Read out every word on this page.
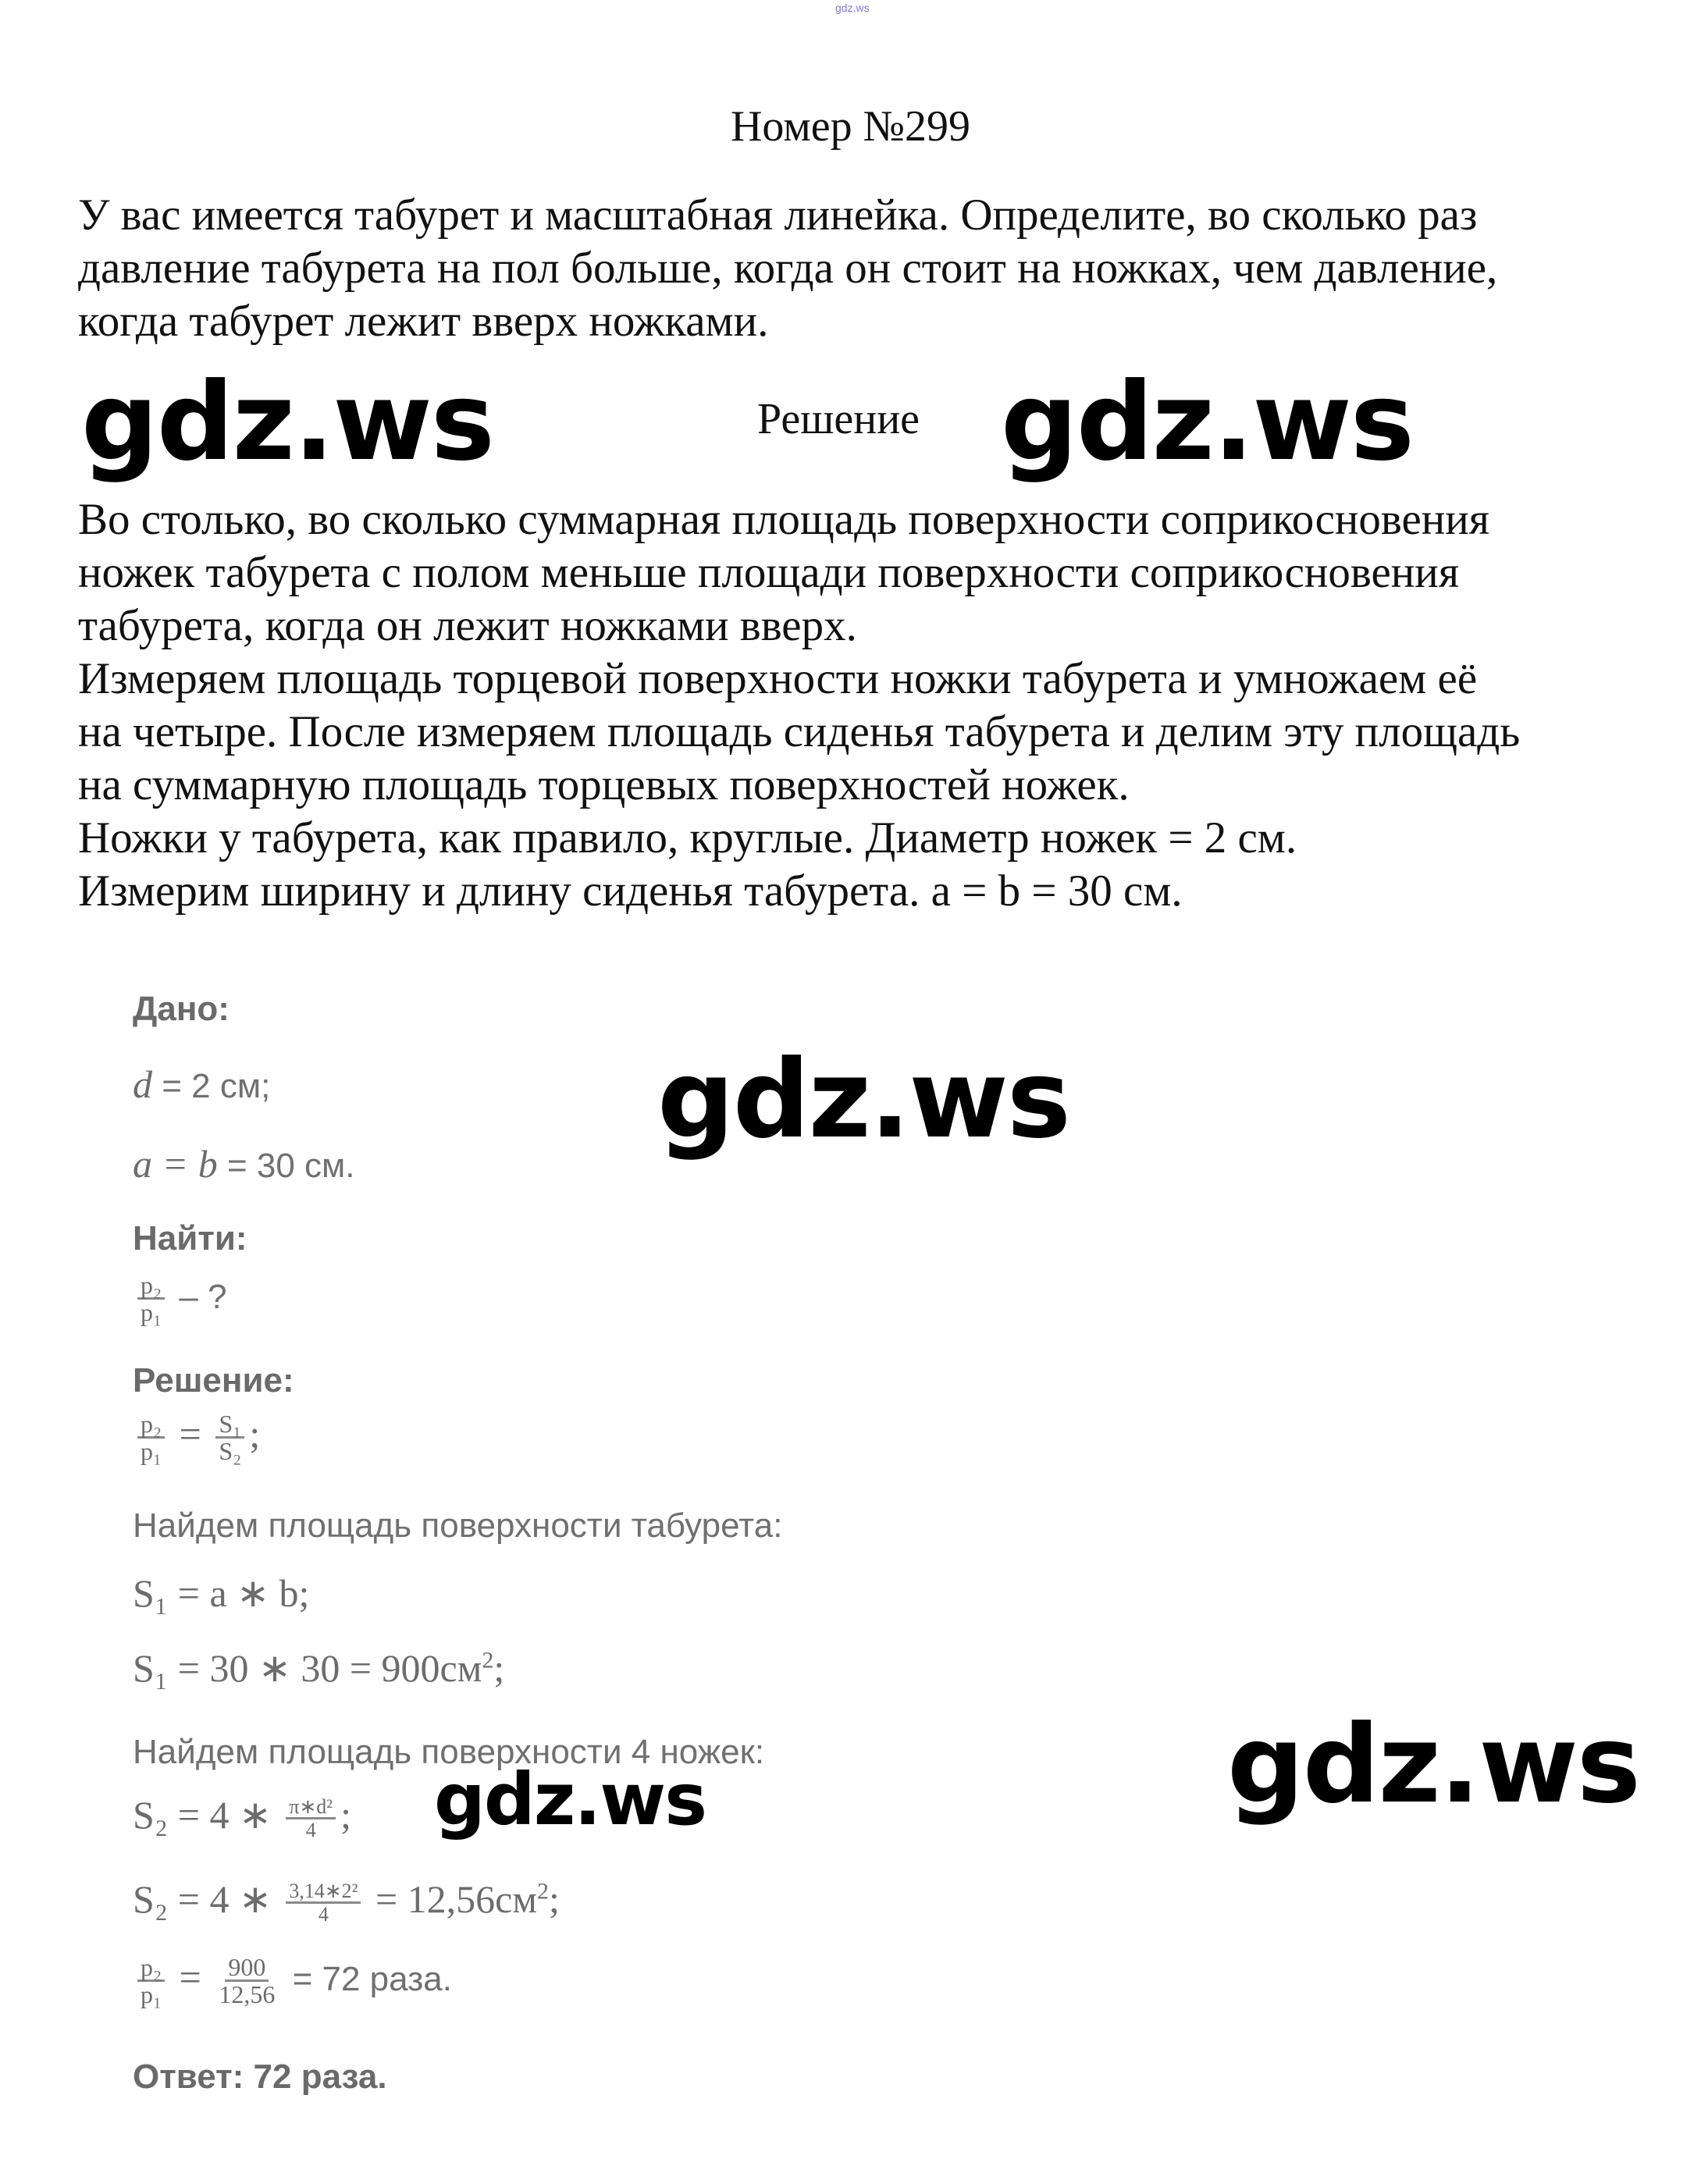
gdz.ws
Номер №299
У вас имеется табурет и масштабная линейка. Определите, во сколько раз
давление табурета на пол больше, когда он стоит на ножках, чем давление,
когда табурет лежит вверх ножками.
gdz.ws	Решение gdz.ws
Во столько, во сколько суммарная площадь поверхности соприкосновения
ножек табурета с полом меньше площади поверхности соприкосновения
табурета, когда он лежит ножками вверх.
Измеряем площадь торцевой поверхности ножки табурета и умножаем её
на четыре. После измеряем площадь сиденья табурета и делим эту площадь
на суммарную площадь торцевых поверхностей ножек.
Ножки у табурета, как правило, круглые. Диаметр ножек = 2 см.
Измерим ширину и длину сиденья табурета. a = b = 30 см.
Дано:
d = 2 см;
a = b = 30 см.
gdz.ws
Найти:
$\frac{\text{p₂}}{\text{p₁}}$ – ?
Решение:
$\frac{\text{p₂}}{\text{p₁}} = \frac{\text{S₁}}{\text{S₂}}$ ;
Найдем площадь поверхности табурета:
S₁ = a ∗ b;
S₁ = 30 ∗ $30 = 900см^2$;
Найдем площадь поверхности 4 ножек:	gdz.ws
S₂ = 4 ∗ $\frac{\text{π∗d²}}{4}$ ; gdz.ws
S₂ = 4 ∗ $\frac{\text{3,14∗2²}}{4} = 12,56см^2$;
$\frac{\text{p₂}}{\text{p₁}} = \frac{900}{12,56} = 72$ раза.
Ответ: 72 раза.
